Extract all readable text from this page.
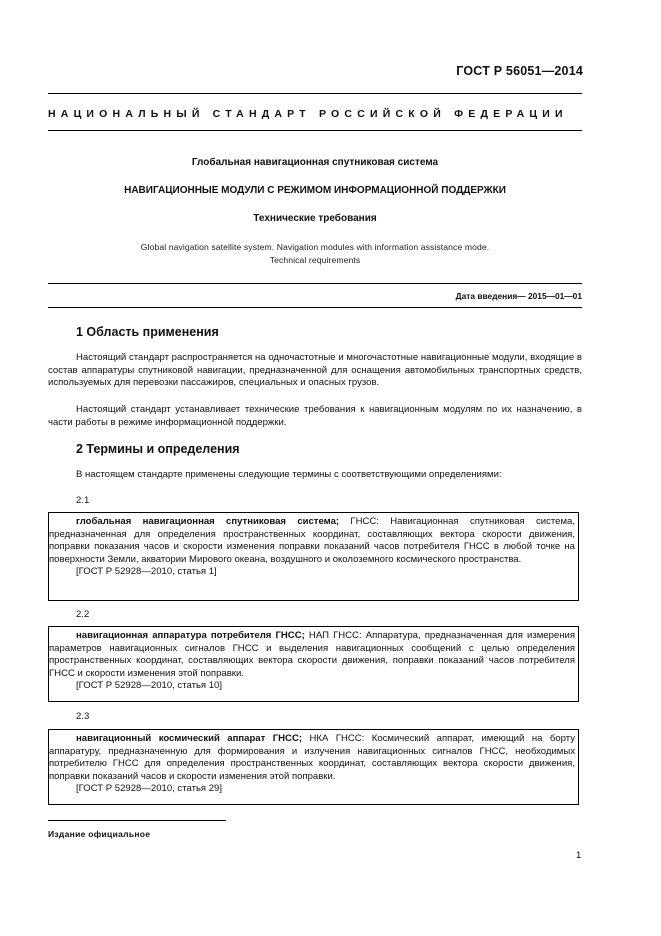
ГОСТ Р 56051—2014
НАЦИОНАЛЬНЫЙ СТАНДАРТ РОССИЙСКОЙ ФЕДЕРАЦИИ
Глобальная навигационная спутниковая система
НАВИГАЦИОННЫЕ МОДУЛИ С РЕЖИМОМ ИНФОРМАЦИОННОЙ ПОДДЕРЖКИ
Технические требования
Global navigation satellite system. Navigation modules with information assistance mode.
Technical requirements
Дата введения— 2015—01—01
1 Область применения
Настоящий стандарт распространяется на одночастотные и многочастотные навигационные модули, входящие в состав аппаратуры спутниковой навигации, предназначенной для оснащения автомобильных транспортных средств, используемых для перевозки пассажиров, специальных и опасных грузов.
Настоящий стандарт устанавливает технические требования к навигационным модулям по их назначению, в части работы в режиме информационной поддержки.
2 Термины и определения
В настоящем стандарте применены следующие термины с соответствующими определениями:
2.1

глобальная навигационная спутниковая система; ГНСС: Навигационная спутниковая система, предназначенная для определения пространственных координат, составляющих вектора скорости движения, поправки показания часов и скорости изменения поправки показаний часов потребителя ГНСС в любой точке на поверхности Земли, акватории Мирового океана, воздушного и околоземного космического пространства.

[ГОСТ Р 52928—2010, статья 1]

2.2

навигационная аппаратура потребителя ГНСС; НАП ГНСС: Аппаратура, предназначенная для измерения параметров навигационных сигналов ГНСС и выделения навигационных сообщений с целью определения пространственных координат, составляющих вектора скорости движения, поправки показаний часов потребителя ГНСС и скорости изменения этой поправки.

[ГОСТ Р 52928—2010, статья 10]

2.3

навигационный космический аппарат ГНСС; НКА ГНСС: Космический аппарат, имеющий на борту аппаратуру, предназначенную для формирования и излучения навигационных сигналов ГНСС, необходимых потребителю ГНСС для определения пространственных координат, составляющих вектора скорости движения, поправки показаний часов и скорости изменения этой поправки.

[ГОСТ Р 52928—2010, статья 29]

Издание официальное
1
